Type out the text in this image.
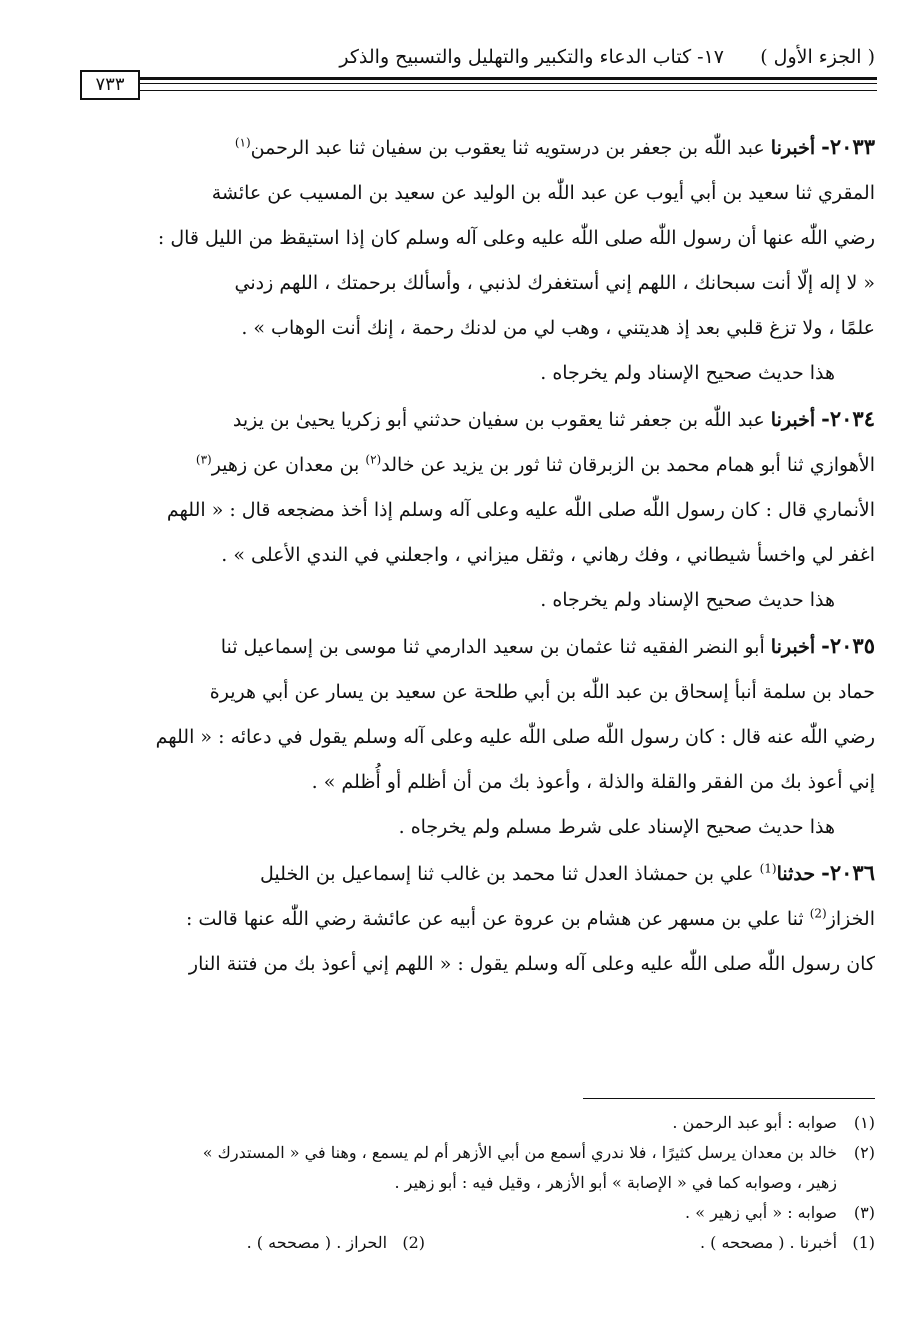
( الجزء الأول )
١٧- كتاب الدعاء والتكبير والتهليل والتسبيح والذكر
٧٣٣

٢٠٣٣- أخبرنا عبد اللّٰه بن جعفر بن درستويه ثنا يعقوب بن سفيان ثنا عبد الرحمن$^{(١)}$

المقري ثنا سعيد بن أبي أيوب عن عبد اللّٰه بن الوليد عن سعيد بن المسيب عن عائشة

رضي اللّٰه عنها أن رسول اللّٰه صلى اللّٰه عليه وعلى آله وسلم كان إذا استيقظ من الليل قال :

« لا إله إلّا أنت سبحانك ، اللهم إني أستغفرك لذنبي ، وأسألك برحمتك ، اللهم زدني

علمًا ، ولا تزغ قلبي بعد إذ هديتني ، وهب لي من لدنك رحمة ، إنك أنت الوهاب » .

هذا حديث صحيح الإسناد ولم يخرجاه .

٢٠٣٤- أخبرنا عبد اللّٰه بن جعفر ثنا يعقوب بن سفيان حدثني أبو زكريا يحيىٰ بن يزيد

الأهوازي ثنا أبو همام محمد بن الزبرقان ثنا ثور بن يزيد عن خالد$^{(٢)}$ بن معدان عن زهير$^{(٣)}$

الأنماري قال : كان رسول اللّٰه صلى اللّٰه عليه وعلى آله وسلم إذا أخذ مضجعه قال : « اللهم

اغفر لي واخسأ شيطاني ، وفك رهاني ، وثقل ميزاني ، واجعلني في الندي الأعلى » .

هذا حديث صحيح الإسناد ولم يخرجاه .

٢٠٣٥- أخبرنا أبو النضر الفقيه ثنا عثمان بن سعيد الدارمي ثنا موسى بن إسماعيل ثنا

حماد بن سلمة أنبأ إسحاق بن عبد اللّٰه بن أبي طلحة عن سعيد بن يسار عن أبي هريرة

رضي اللّٰه عنه قال : كان رسول اللّٰه صلى اللّٰه عليه وعلى آله وسلم يقول في دعائه : « اللهم

إني أعوذ بك من الفقر والقلة والذلة ، وأعوذ بك من أن أظلم أو أُظلم » .

هذا حديث صحيح الإسناد على شرط مسلم ولم يخرجاه .

٢٠٣٦- حدثنا$^{(1)}$ علي بن حمشاذ العدل ثنا محمد بن غالب ثنا إسماعيل بن الخليل

الخزاز$^{(2)}$ ثنا علي بن مسهر عن هشام بن عروة عن أبيه عن عائشة رضي اللّٰه عنها قالت :

كان رسول اللّٰه صلى اللّٰه عليه وعلى آله وسلم يقول : « اللهم إني أعوذ بك من فتنة النار

(١)صوابه : أبو عبد الرحمن .

(٢)خالد بن معدان يرسل كثيرًا ، فلا ندري أسمع من أبي الأزهر أم لم يسمع ، وهنا في « المستدرك »

زهير ، وصوابه كما في « الإصابة » أبو الأزهر ، وقيل فيه : أبو زهير .

(٣)صوابه : « أبي زهير » .

(1)   أخبرنا . ( مصححه ) .
(2)   الحراز . ( مصححه ) .
